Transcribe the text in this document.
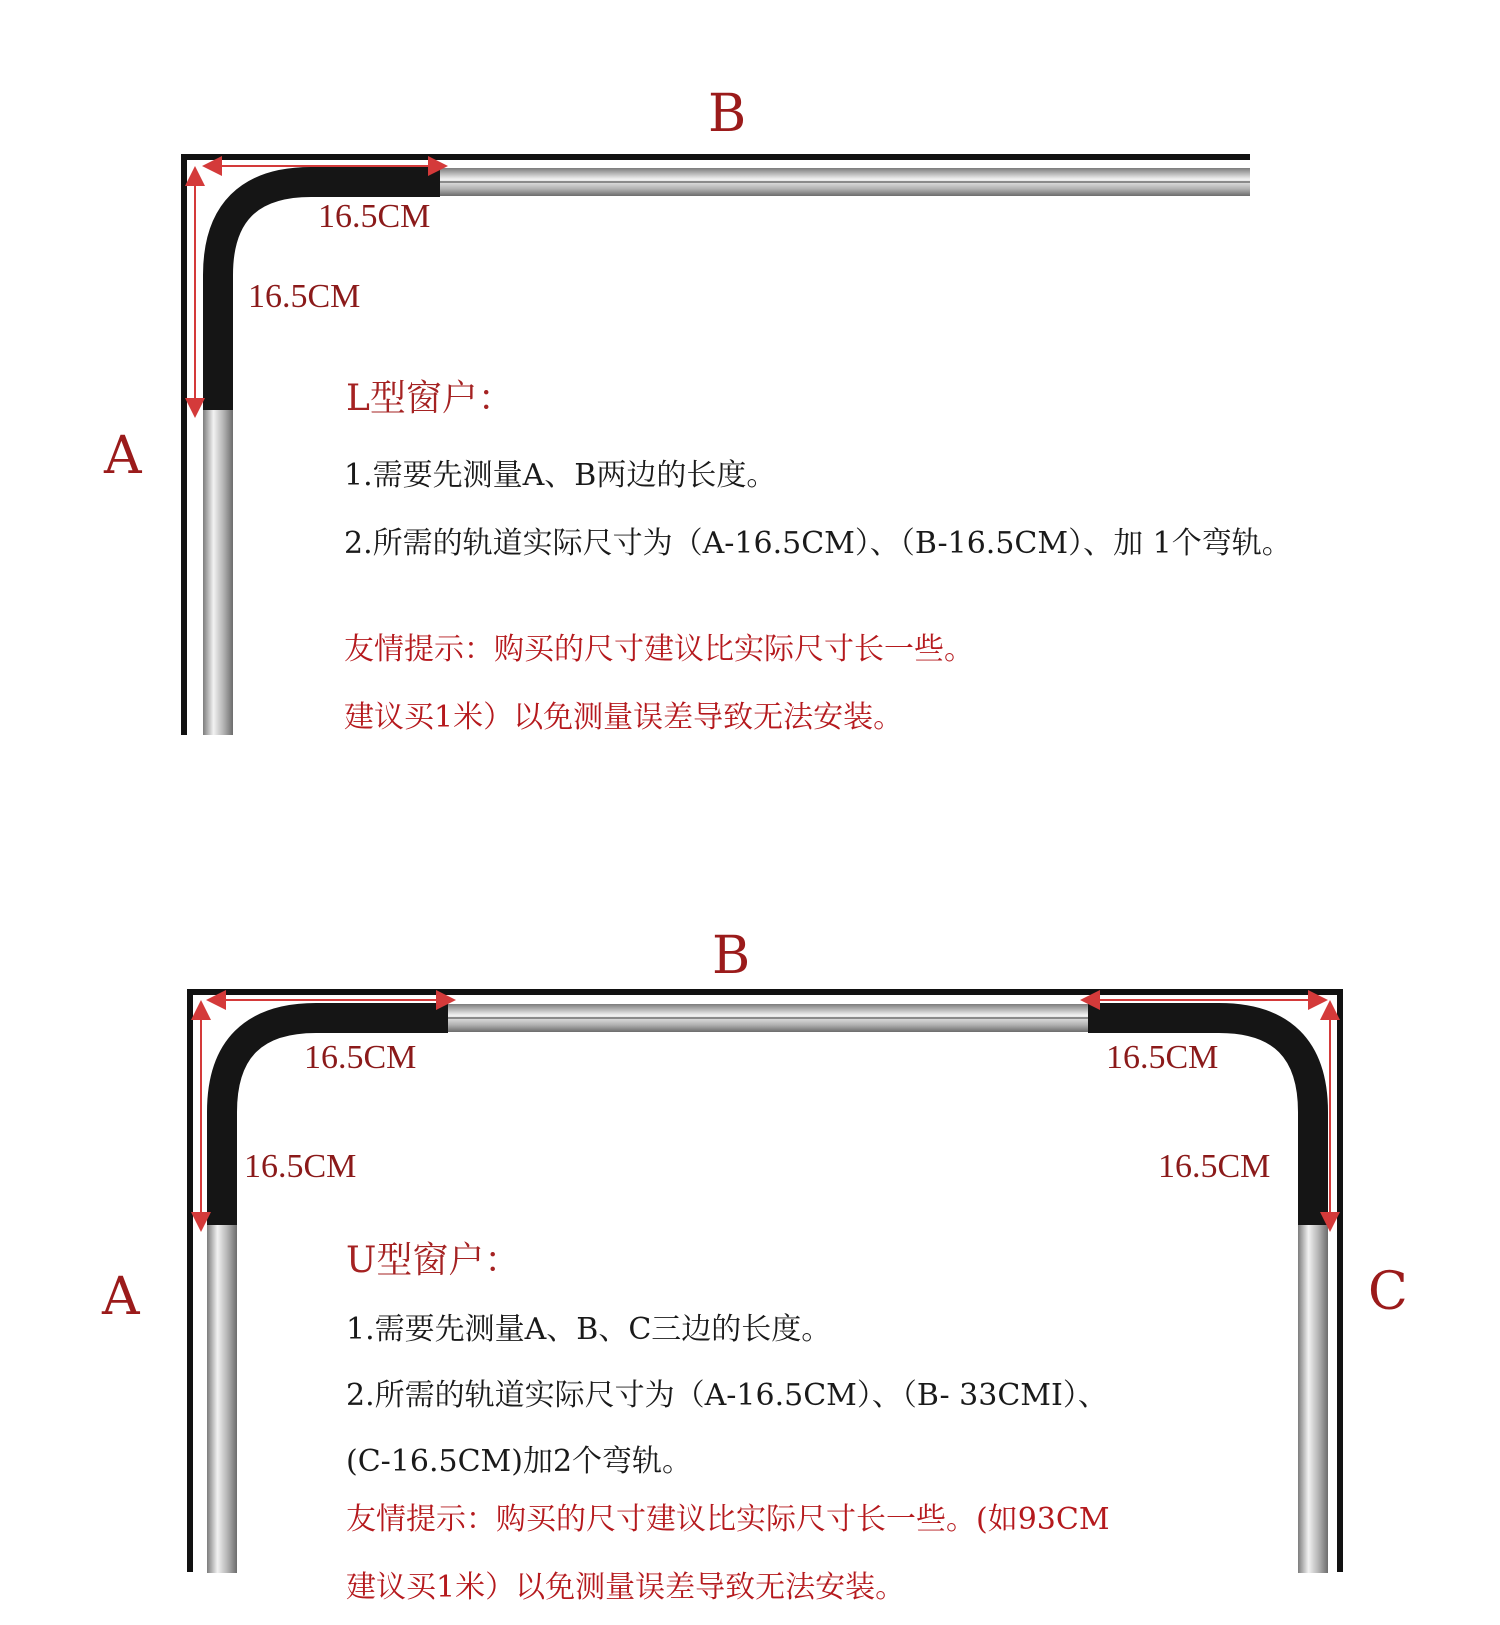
B
A
16.5CM
16.5CM
L型窗户：
1.需要先测量A、B两边的长度。
2.所需的轨道实际尺寸为（A-16.5CM）、（B-16.5CM）、加 1个弯轨。
友情提示：购买的尺寸建议比实际尺寸长一些。
建议买1米）以免测量误差导致无法安装。
B
A	C
16.5CM
16.5CM
16.5CM
16.5CM
U型窗户：
1.需要先测量A、B、C三边的长度。
2.所需的轨道实际尺寸为（A-16.5CM）、（B- 33CMI）、
(C-16.5CM)加2个弯轨。
友情提示：购买的尺寸建议比实际尺寸长一些。(如93CM
建议买1米）以免测量误差导致无法安装。
